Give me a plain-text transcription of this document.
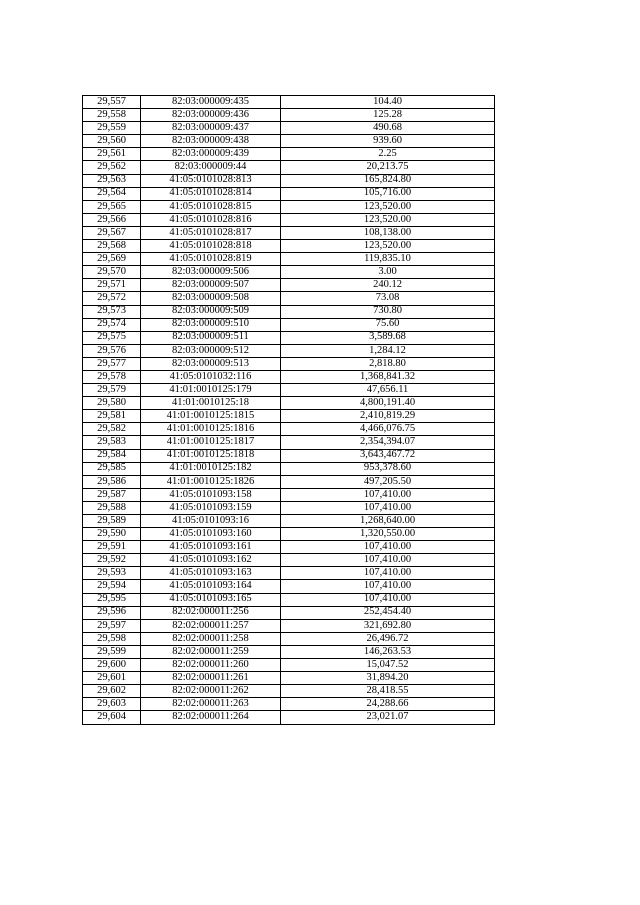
29,557	82:03:000009:435	104.40
29,558	82:03:000009:436	125.28
29,559	82:03:000009:437	490.68
29,560	82:03:000009:438	939.60
29,561	82:03:000009:439	2.25
29,562	82:03:000009:44	20,213.75
29,563	41:05:0101028:813	165,824.80
29,564	41:05:0101028:814	105,716.00
29,565	41:05:0101028:815	123,520.00
29,566	41:05:0101028:816	123,520.00
29,567	41:05:0101028:817	108,138.00
29,568	41:05:0101028:818	123,520.00
29,569	41:05:0101028:819	119,835.10
29,570	82:03:000009:506	3.00
29,571	82:03:000009:507	240.12
29,572	82:03:000009:508	73.08
29,573	82:03:000009:509	730.80
29,574	82:03:000009:510	75.60
29,575	82:03:000009:511	3,589.68
29,576	82:03:000009:512	1,284.12
29,577	82:03:000009:513	2,818.80
29,578	41:05:0101032:116	1,368,841.32
29,579	41:01:0010125:179	47,656.11
29,580	41:01:0010125:18	4,800,191.40
29,581	41:01:0010125:1815	2,410,819.29
29,582	41:01:0010125:1816	4,466,076.75
29,583	41:01:0010125:1817	2,354,394.07
29,584	41:01:0010125:1818	3,643,467.72
29,585	41:01:0010125:182	953,378.60
29,586	41:01:0010125:1826	497,205.50
29,587	41:05:0101093:158	107,410.00
29,588	41:05:0101093:159	107,410.00
29,589	41:05:0101093:16	1,268,640.00
29,590	41:05:0101093:160	1,320,550.00
29,591	41:05:0101093:161	107,410.00
29,592	41:05:0101093:162	107,410.00
29,593	41:05:0101093:163	107,410.00
29,594	41:05:0101093:164	107,410.00
29,595	41:05:0101093:165	107,410.00
29,596	82:02:000011:256	252,454.40
29,597	82:02:000011:257	321,692.80
29,598	82:02:000011:258	26,496.72
29,599	82:02:000011:259	146,263.53
29,600	82:02:000011:260	15,047.52
29,601	82:02:000011:261	31,894.20
29,602	82:02:000011:262	28,418.55
29,603	82:02:000011:263	24,288.66
29,604	82:02:000011:264	23,021.07
